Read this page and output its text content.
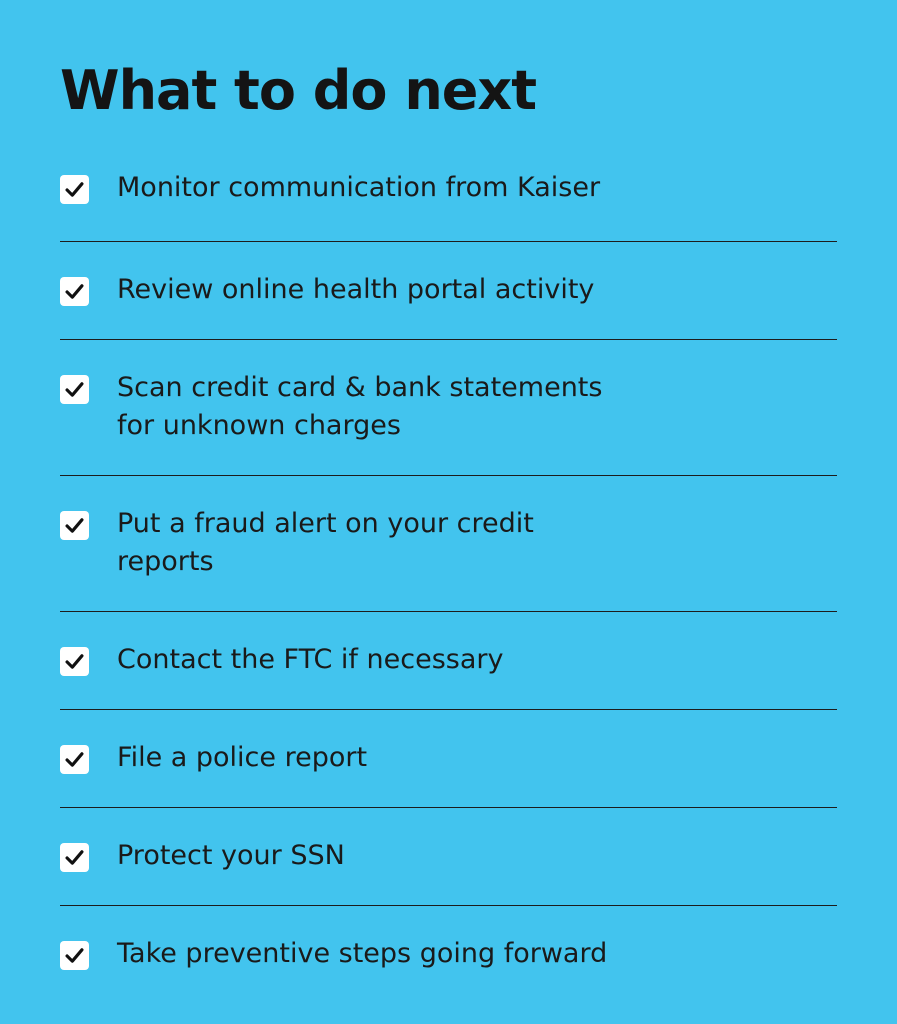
What to do next
Monitor communication from Kaiser
Review online health portal activity
Scan credit card & bank statements for unknown charges
Put a fraud alert on your credit reports
Contact the FTC if necessary
File a police report
Protect your SSN
Take preventive steps going forward
